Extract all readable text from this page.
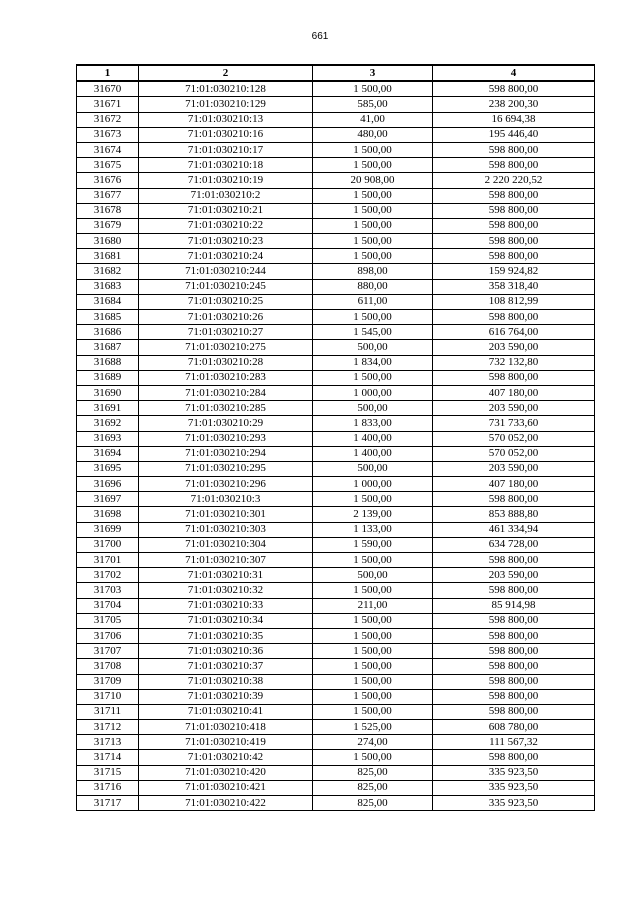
661
1	2	3	4
31670	71:01:030210:128	1 500,00	598 800,00
31671	71:01:030210:129	585,00	238 200,30
31672	71:01:030210:13	41,00	16 694,38
31673	71:01:030210:16	480,00	195 446,40
31674	71:01:030210:17	1 500,00	598 800,00
31675	71:01:030210:18	1 500,00	598 800,00
31676	71:01:030210:19	20 908,00	2 220 220,52
31677	71:01:030210:2	1 500,00	598 800,00
31678	71:01:030210:21	1 500,00	598 800,00
31679	71:01:030210:22	1 500,00	598 800,00
31680	71:01:030210:23	1 500,00	598 800,00
31681	71:01:030210:24	1 500,00	598 800,00
31682	71:01:030210:244	898,00	159 924,82
31683	71:01:030210:245	880,00	358 318,40
31684	71:01:030210:25	611,00	108 812,99
31685	71:01:030210:26	1 500,00	598 800,00
31686	71:01:030210:27	1 545,00	616 764,00
31687	71:01:030210:275	500,00	203 590,00
31688	71:01:030210:28	1 834,00	732 132,80
31689	71:01:030210:283	1 500,00	598 800,00
31690	71:01:030210:284	1 000,00	407 180,00
31691	71:01:030210:285	500,00	203 590,00
31692	71:01:030210:29	1 833,00	731 733,60
31693	71:01:030210:293	1 400,00	570 052,00
31694	71:01:030210:294	1 400,00	570 052,00
31695	71:01:030210:295	500,00	203 590,00
31696	71:01:030210:296	1 000,00	407 180,00
31697	71:01:030210:3	1 500,00	598 800,00
31698	71:01:030210:301	2 139,00	853 888,80
31699	71:01:030210:303	1 133,00	461 334,94
31700	71:01:030210:304	1 590,00	634 728,00
31701	71:01:030210:307	1 500,00	598 800,00
31702	71:01:030210:31	500,00	203 590,00
31703	71:01:030210:32	1 500,00	598 800,00
31704	71:01:030210:33	211,00	85 914,98
31705	71:01:030210:34	1 500,00	598 800,00
31706	71:01:030210:35	1 500,00	598 800,00
31707	71:01:030210:36	1 500,00	598 800,00
31708	71:01:030210:37	1 500,00	598 800,00
31709	71:01:030210:38	1 500,00	598 800,00
31710	71:01:030210:39	1 500,00	598 800,00
31711	71:01:030210:41	1 500,00	598 800,00
31712	71:01:030210:418	1 525,00	608 780,00
31713	71:01:030210:419	274,00	111 567,32
31714	71:01:030210:42	1 500,00	598 800,00
31715	71:01:030210:420	825,00	335 923,50
31716	71:01:030210:421	825,00	335 923,50
31717	71:01:030210:422	825,00	335 923,50
